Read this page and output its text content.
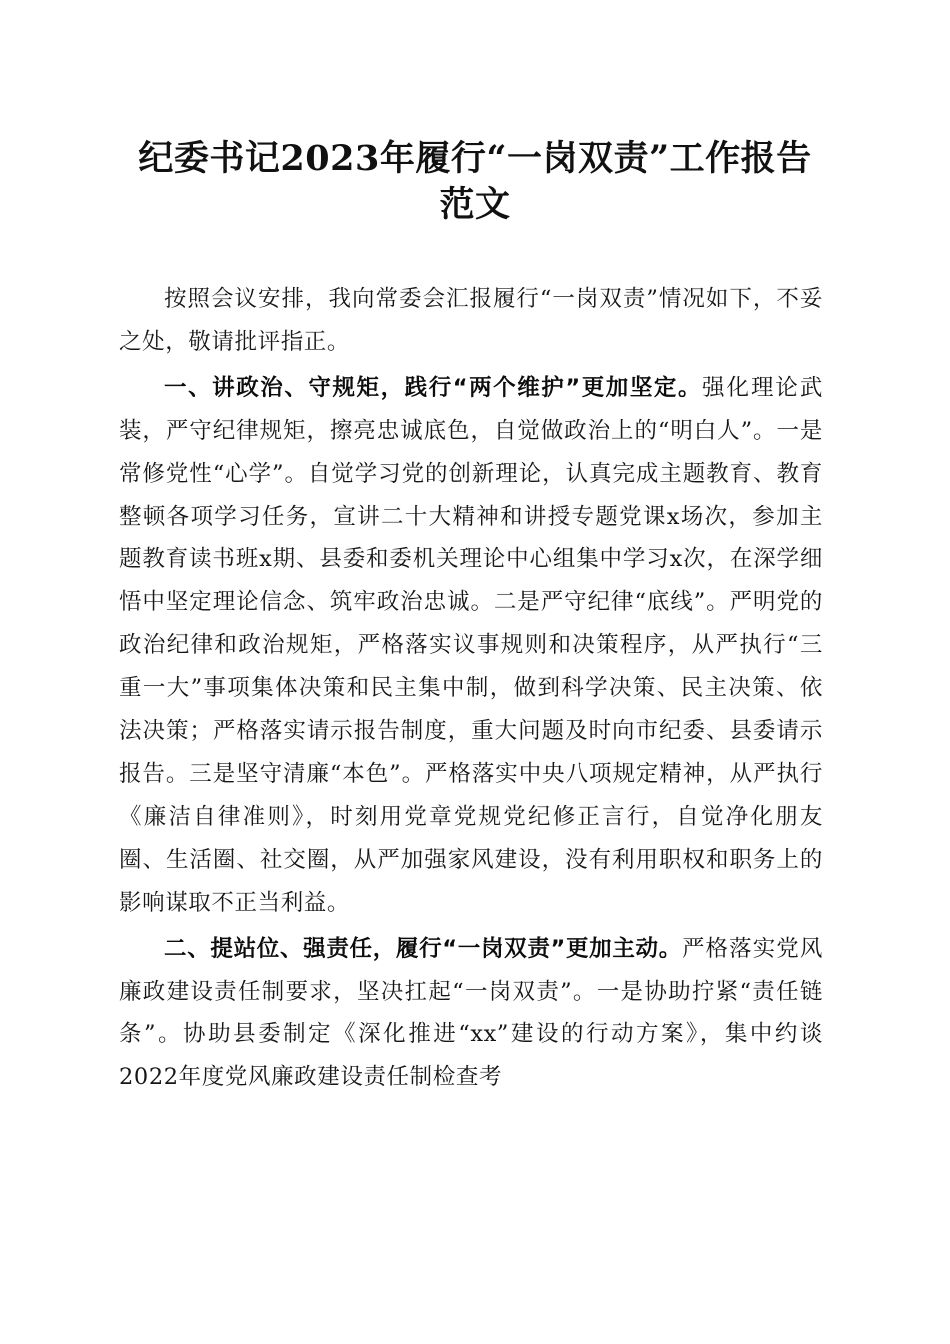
纪委书记2023年履行“一岗双责”工作报告
范文

按照会议安排，我向常委会汇报履行“一岗双责”情况如下，不妥之处，敬请批评指正。

一、讲政治、守规矩，践行“两个维护”更加坚定。强化理论武装，严守纪律规矩，擦亮忠诚底色，自觉做政治上的“明白人”。一是常修党性“心学”。自觉学习党的创新理论，认真完成主题教育、教育整顿各项学习任务，宣讲二十大精神和讲授专题党课x场次，参加主题教育读书班x期、县委和委机关理论中心组集中学习x次，在深学细悟中坚定理论信念、筑牢政治忠诚。二是严守纪律“底线”。严明党的政治纪律和政治规矩，严格落实议事规则和决策程序，从严执行“三重一大”事项集体决策和民主集中制，做到科学决策、民主决策、依法决策；严格落实请示报告制度，重大问题及时向市纪委、县委请示报告。三是坚守清廉“本色”。严格落实中央八项规定精神，从严执行《廉洁自律准则》，时刻用党章党规党纪修正言行，自觉净化朋友圈、生活圈、社交圈，从严加强家风建设，没有利用职权和职务上的影响谋取不正当利益。

二、提站位、强责任，履行“一岗双责”更加主动。严格落实党风廉政建设责任制要求，坚决扛起“一岗双责”。一是协助拧紧“责任链条”。协助县委制定《深化推进“xx”建设的行动方案》，集中约谈2022年度党风廉政建设责任制检查考
